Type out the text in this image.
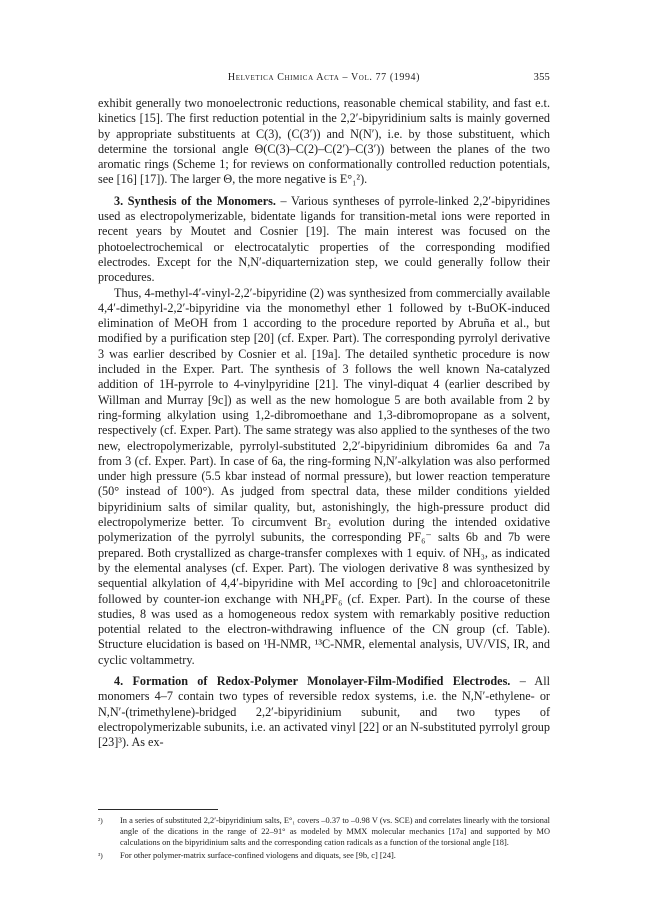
Helvetica Chimica Acta – Vol. 77 (1994)	355

exhibit generally two monoelectronic reductions, reasonable chemical stability, and fast e.t. kinetics [15]. The first reduction potential in the 2,2′-bipyridinium salts is mainly governed by appropriate substituents at C(3), (C(3′)) and N(N′), i.e. by those substituent, which determine the torsional angle Θ(C(3)–C(2)–C(2′)–C(3′)) between the planes of the two aromatic rings (Scheme 1; for reviews on conformationally controlled reduction potentials, see [16] [17]). The larger Θ, the more negative is E°₁²).

3. Synthesis of the Monomers. – Various syntheses of pyrrole-linked 2,2′-bipyridines used as electropolymerizable, bidentate ligands for transition-metal ions were reported in recent years by Moutet and Cosnier [19]. The main interest was focused on the photoelectrochemical or electrocatalytic properties of the corresponding modified electrodes. Except for the N,N′-diquarternization step, we could generally follow their procedures.

Thus, 4-methyl-4′-vinyl-2,2′-bipyridine (2) was synthesized from commercially available 4,4′-dimethyl-2,2′-bipyridine via the monomethyl ether 1 followed by t-BuOK-induced elimination of MeOH from 1 according to the procedure reported by Abruña et al., but modified by a purification step [20] (cf. Exper. Part). The corresponding pyrrolyl derivative 3 was earlier described by Cosnier et al. [19a]. The detailed synthetic procedure is now included in the Exper. Part. The synthesis of 3 follows the well known Na-catalyzed addition of 1H-pyrrole to 4-vinylpyridine [21]. The vinyl-diquat 4 (earlier described by Willman and Murray [9c]) as well as the new homologue 5 are both available from 2 by ring-forming alkylation using 1,2-dibromoethane and 1,3-dibromopropane as a solvent, respectively (cf. Exper. Part). The same strategy was also applied to the syntheses of the two new, electropolymerizable, pyrrolyl-substituted 2,2′-bipyridinium dibromides 6a and 7a from 3 (cf. Exper. Part). In case of 6a, the ring-forming N,N′-alkylation was also performed under high pressure (5.5 kbar instead of normal pressure), but lower reaction temperature (50° instead of 100°). As judged from spectral data, these milder conditions yielded bipyridinium salts of similar quality, but, astonishingly, the high-pressure product did electropolymerize better. To circumvent Br₂ evolution during the intended oxidative polymerization of the pyrrolyl subunits, the corresponding PF₆⁻ salts 6b and 7b were prepared. Both crystallized as charge-transfer complexes with 1 equiv. of NH₃, as indicated by the elemental analyses (cf. Exper. Part). The viologen derivative 8 was synthesized by sequential alkylation of 4,4′-bipyridine with MeI according to [9c] and chloroacetonitrile followed by counter-ion exchange with NH₄PF₆ (cf. Exper. Part). In the course of these studies, 8 was used as a homogeneous redox system with remarkably positive reduction potential related to the electron-withdrawing influence of the CN group (cf. Table). Structure elucidation is based on ¹H-NMR, ¹³C-NMR, elemental analysis, UV/VIS, IR, and cyclic voltammetry.

4. Formation of Redox-Polymer Monolayer-Film-Modified Electrodes. – All monomers 4–7 contain two types of reversible redox systems, i.e. the N,N′-ethylene- or N,N′-(trimethylene)-bridged 2,2′-bipyridinium subunit, and two types of electropolymerizable subunits, i.e. an activated vinyl [22] or an N-substituted pyrrolyl group [23]³). As ex-

²)	In a series of substituted 2,2′-bipyridinium salts, E°₁ covers –0.37 to –0.98 V (vs. SCE) and correlates linearly with the torsional angle of the dications in the range of 22–91° as modeled by MMX molecular mechanics [17a] and supported by MO calculations on the bipyridinium salts and the corresponding cation radicals as a function of the torsional angle [18].
³)	For other polymer-matrix surface-confined viologens and diquats, see [9b, c] [24].
